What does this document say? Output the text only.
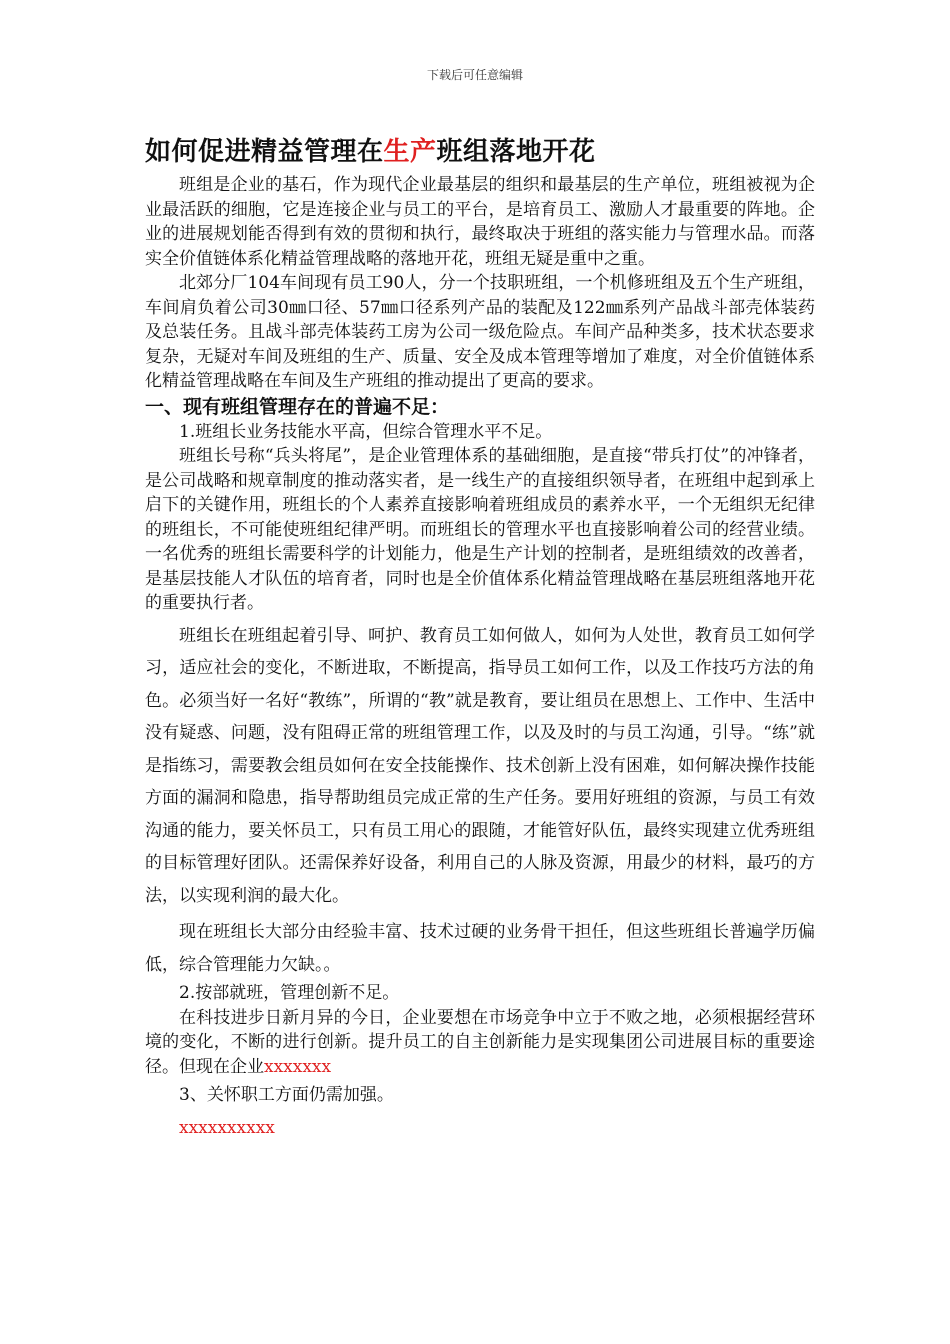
下载后可任意编辑
如何促进精益管理在生产班组落地开花

班组是企业的基石，作为现代企业最基层的组织和最基层的生产单位，班组被视为企业最活跃的细胞，它是连接企业与员工的平台，是培育员工、激励人才最重要的阵地。企业的进展规划能否得到有效的贯彻和执行，最终取决于班组的落实能力与管理水品。而落实全价值链体系化精益管理战略的落地开花，班组无疑是重中之重。

北郊分厂104车间现有员工90人，分一个技职班组，一个机修班组及五个生产班组，车间肩负着公司30㎜口径、57㎜口径系列产品的装配及122㎜系列产品战斗部壳体装药及总装任务。且战斗部壳体装药工房为公司一级危险点。车间产品种类多，技术状态要求复杂，无疑对车间及班组的生产、质量、安全及成本管理等增加了难度，对全价值链体系化精益管理战略在车间及生产班组的推动提出了更高的要求。

一、现有班组管理存在的普遍不足：

1.班组长业务技能水平高，但综合管理水平不足。

班组长号称“兵头将尾”，是企业管理体系的基础细胞，是直接“带兵打仗”的冲锋者，是公司战略和规章制度的推动落实者，是一线生产的直接组织领导者，在班组中起到承上启下的关键作用，班组长的个人素养直接影响着班组成员的素养水平，一个无组织无纪律的班组长，不可能使班组纪律严明。而班组长的管理水平也直接影响着公司的经营业绩。一名优秀的班组长需要科学的计划能力，他是生产计划的控制者，是班组绩效的改善者，是基层技能人才队伍的培育者，同时也是全价值体系化精益管理战略在基层班组落地开花的重要执行者。

班组长在班组起着引导、呵护、教育员工如何做人，如何为人处世，教育员工如何学习，适应社会的变化，不断进取，不断提高，指导员工如何工作，以及工作技巧方法的角色。必须当好一名好“教练”，所谓的“教”就是教育，要让组员在思想上、工作中、生活中没有疑惑、问题，没有阻碍正常的班组管理工作，以及及时的与员工沟通，引导。“练”就是指练习，需要教会组员如何在安全技能操作、技术创新上没有困难，如何解决操作技能方面的漏洞和隐患，指导帮助组员完成正常的生产任务。要用好班组的资源，与员工有效沟通的能力，要关怀员工，只有员工用心的跟随，才能管好队伍，最终实现建立优秀班组的目标管理好团队。还需保养好设备，利用自己的人脉及资源，用最少的材料，最巧的方法，以实现利润的最大化。

现在班组长大部分由经验丰富、技术过硬的业务骨干担任，但这些班组长普遍学历偏低，综合管理能力欠缺。。

2.按部就班，管理创新不足。

在科技进步日新月异的今日，企业要想在市场竞争中立于不败之地，必须根据经营环境的变化，不断的进行创新。提升员工的自主创新能力是实现集团公司进展目标的重要途径。但现在企业xxxxxxx

3、关怀职工方面仍需加强。

xxxxxxxxxx
